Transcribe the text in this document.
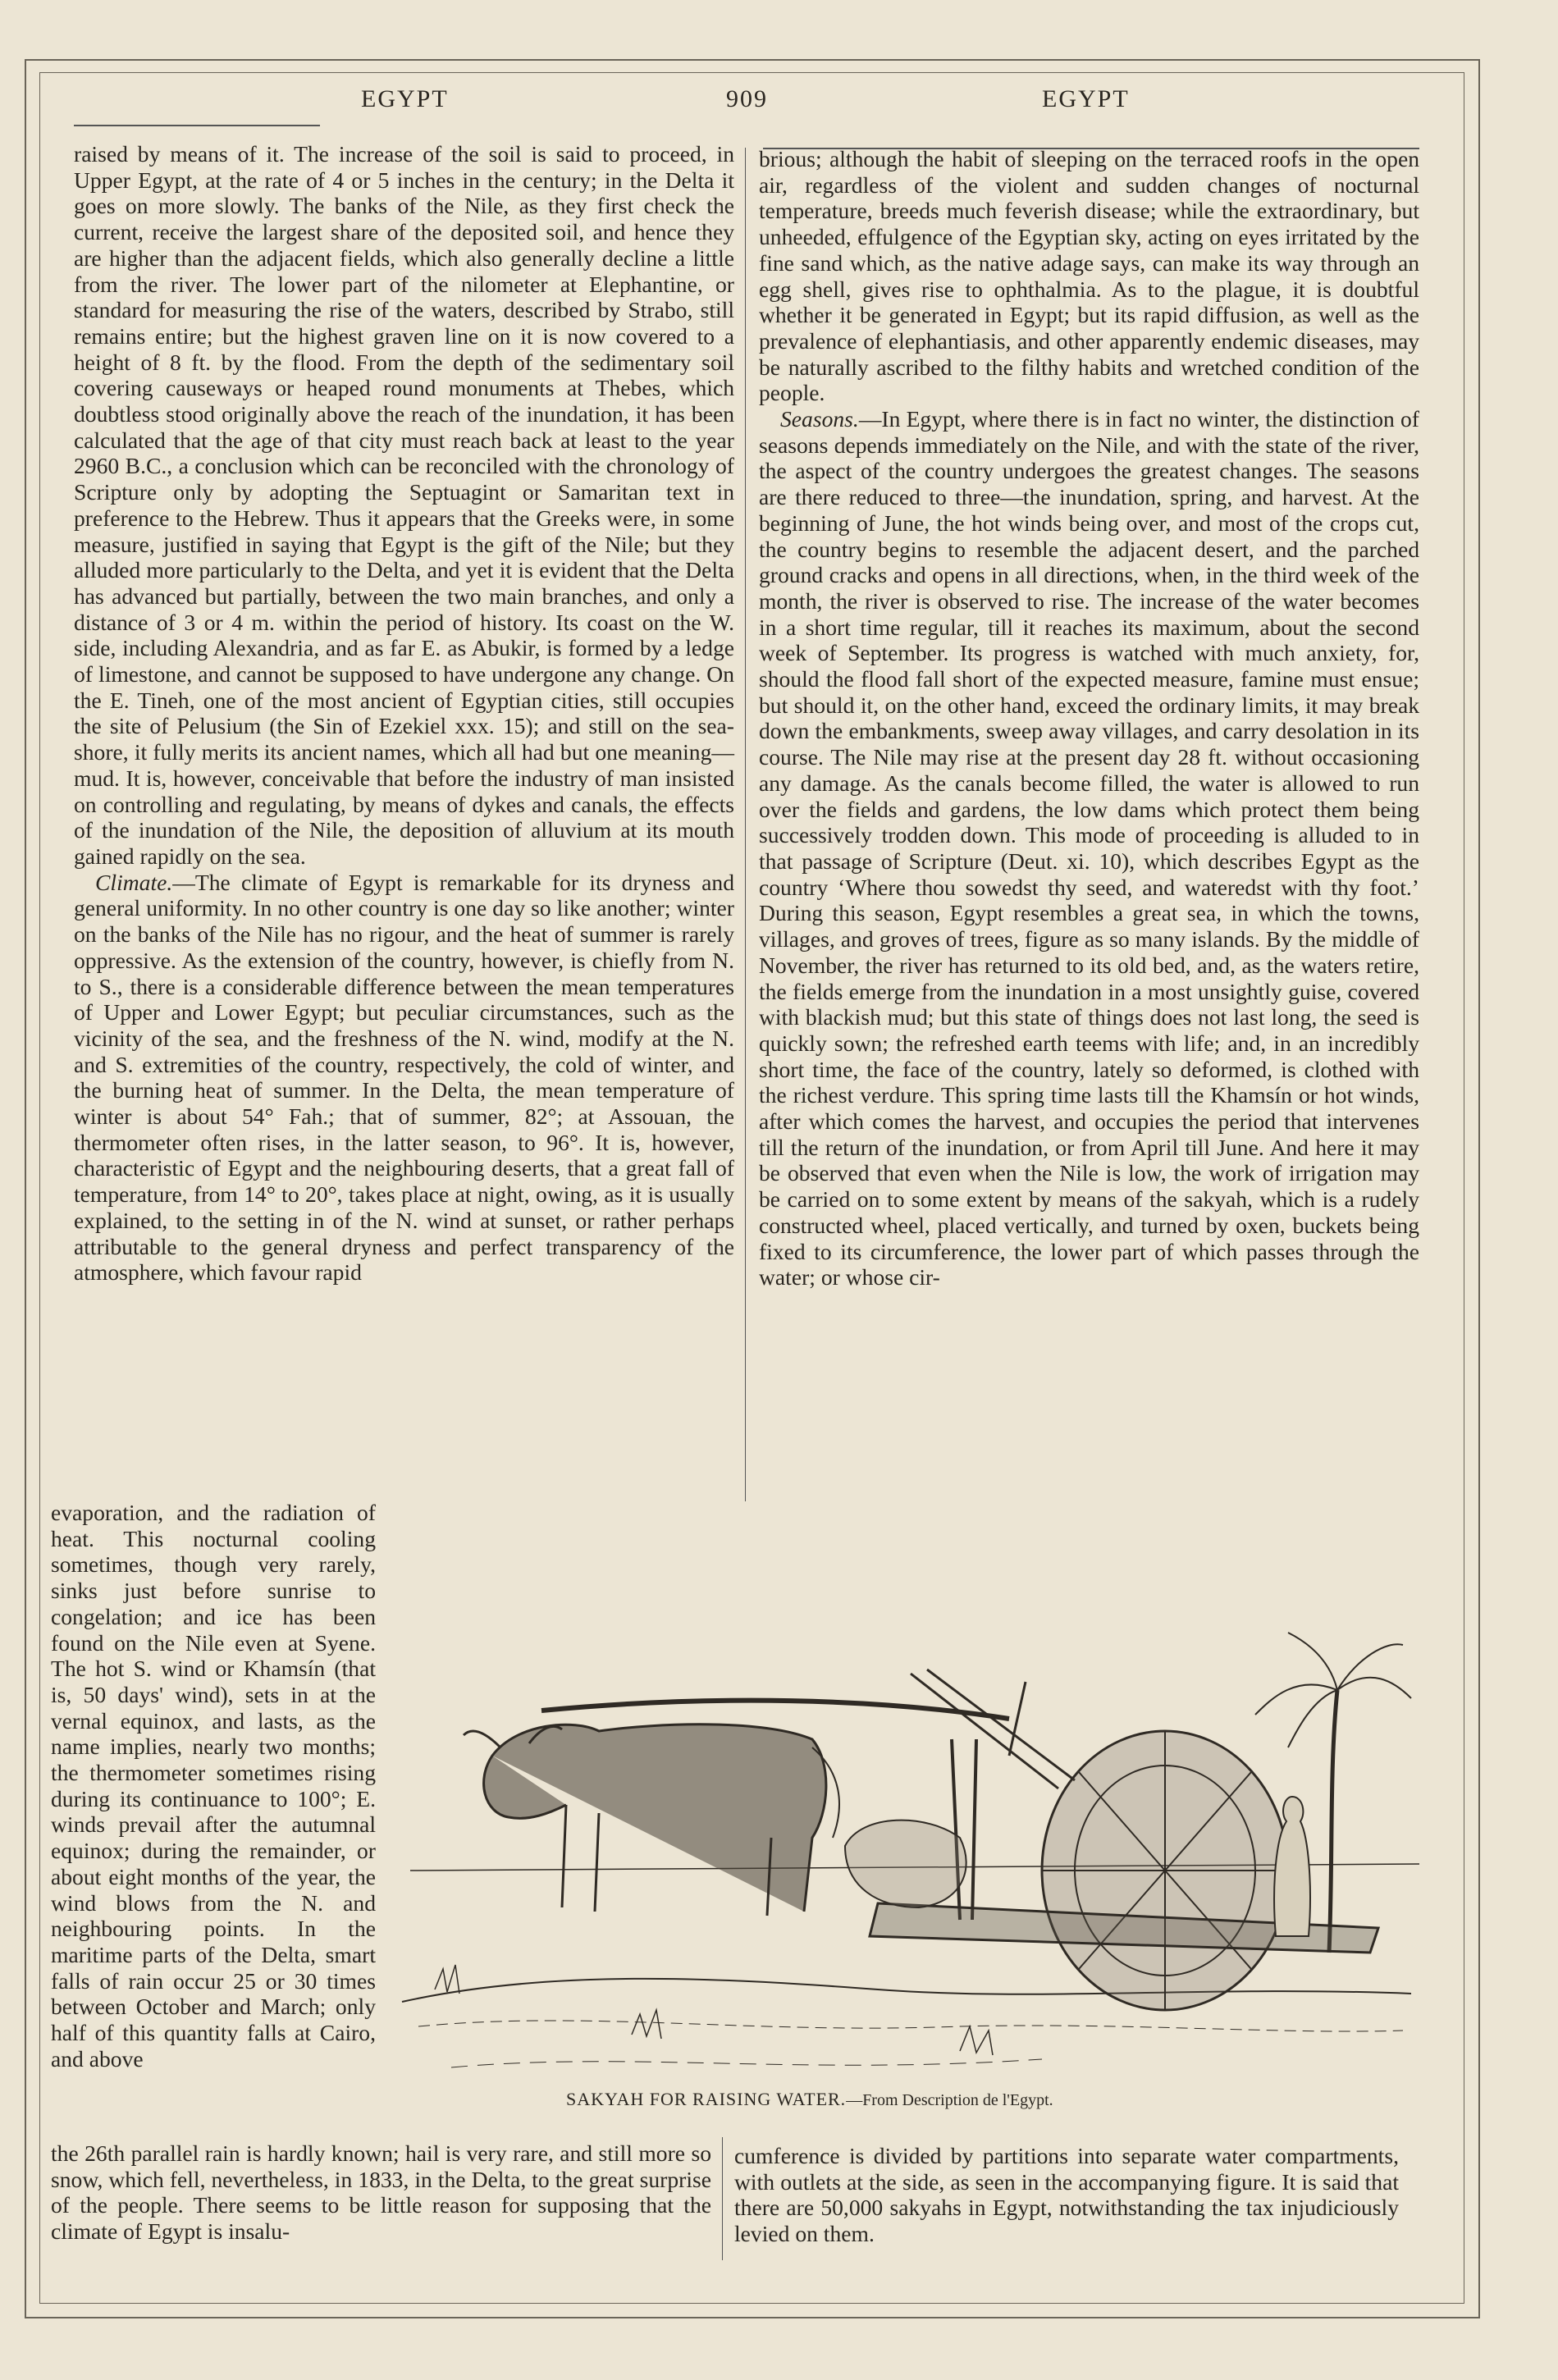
EGYPT	909	EGYPT

raised by means of it. The increase of the soil is said to proceed, in Upper Egypt, at the rate of 4 or 5 inches in the century; in the Delta it goes on more slowly. The banks of the Nile, as they first check the current, receive the largest share of the deposited soil, and hence they are higher than the adjacent fields, which also generally decline a little from the river. The lower part of the nilometer at Elephantine, or standard for measuring the rise of the waters, described by Strabo, still remains entire; but the highest graven line on it is now covered to a height of 8 ft. by the flood. From the depth of the sedimentary soil covering causeways or heaped round monuments at Thebes, which doubtless stood originally above the reach of the inundation, it has been calculated that the age of that city must reach back at least to the year 2960 B.C., a conclusion which can be reconciled with the chronology of Scripture only by adopting the Septuagint or Samaritan text in preference to the Hebrew. Thus it appears that the Greeks were, in some measure, justified in saying that Egypt is the gift of the Nile; but they alluded more particularly to the Delta, and yet it is evident that the Delta has advanced but partially, between the two main branches, and only a distance of 3 or 4 m. within the period of history. Its coast on the W. side, including Alexandria, and as far E. as Abukir, is formed by a ledge of limestone, and cannot be supposed to have undergone any change. On the E. Tineh, one of the most ancient of Egyptian cities, still occupies the site of Pelusium (the Sin of Ezekiel xxx. 15); and still on the sea-shore, it fully merits its ancient names, which all had but one meaning—mud. It is, however, conceivable that before the industry of man insisted on controlling and regulating, by means of dykes and canals, the effects of the inundation of the Nile, the deposition of alluvium at its mouth gained rapidly on the sea.

Climate.—The climate of Egypt is remarkable for its dryness and general uniformity. In no other country is one day so like another; winter on the banks of the Nile has no rigour, and the heat of summer is rarely oppressive. As the extension of the country, however, is chiefly from N. to S., there is a considerable difference between the mean temperatures of Upper and Lower Egypt; but peculiar circumstances, such as the vicinity of the sea, and the freshness of the N. wind, modify at the N. and S. extremities of the country, respectively, the cold of winter, and the burning heat of summer. In the Delta, the mean temperature of winter is about 54° Fah.; that of summer, 82°; at Assouan, the thermometer often rises, in the latter season, to 96°. It is, however, characteristic of Egypt and the neighbouring deserts, that a great fall of temperature, from 14° to 20°, takes place at night, owing, as it is usually explained, to the setting in of the N. wind at sunset, or rather perhaps attributable to the general dryness and perfect transparency of the atmosphere, which favour rapid

evaporation, and the radiation of heat. This nocturnal cooling sometimes, though very rarely, sinks just before sunrise to congelation; and ice has been found on the Nile even at Syene. The hot S. wind or Khamsín (that is, 50 days' wind), sets in at the vernal equinox, and lasts, as the name implies, nearly two months; the thermometer sometimes rising during its continuance to 100°; E. winds prevail after the autumnal equinox; during the remainder, or about eight months of the year, the wind blows from the N. and neighbouring points. In the maritime parts of the Delta, smart falls of rain occur 25 or 30 times between October and March; only half of this quantity falls at Cairo, and above
the 26th parallel rain is hardly known; hail is very rare, and still more so snow, which fell, nevertheless, in 1833, in the Delta, to the great surprise of the people. There seems to be little reason for supposing that the climate of Egypt is insalu-

brious; although the habit of sleeping on the terraced roofs in the open air, regardless of the violent and sudden changes of nocturnal temperature, breeds much feverish disease; while the extraordinary, but unheeded, effulgence of the Egyptian sky, acting on eyes irritated by the fine sand which, as the native adage says, can make its way through an egg shell, gives rise to ophthalmia. As to the plague, it is doubtful whether it be generated in Egypt; but its rapid diffusion, as well as the prevalence of elephantiasis, and other apparently endemic diseases, may be naturally ascribed to the filthy habits and wretched condition of the people.

Seasons.—In Egypt, where there is in fact no winter, the distinction of seasons depends immediately on the Nile, and with the state of the river, the aspect of the country undergoes the greatest changes. The seasons are there reduced to three—the inundation, spring, and harvest. At the beginning of June, the hot winds being over, and most of the crops cut, the country begins to resemble the adjacent desert, and the parched ground cracks and opens in all directions, when, in the third week of the month, the river is observed to rise. The increase of the water becomes in a short time regular, till it reaches its maximum, about the second week of September. Its progress is watched with much anxiety, for, should the flood fall short of the expected measure, famine must ensue; but should it, on the other hand, exceed the ordinary limits, it may break down the embankments, sweep away villages, and carry desolation in its course. The Nile may rise at the present day 28 ft. without occasioning any damage. As the canals become filled, the water is allowed to run over the fields and gardens, the low dams which protect them being successively trodden down. This mode of proceeding is alluded to in that passage of Scripture (Deut. xi. 10), which describes Egypt as the country ‘Where thou sowedst thy seed, and wateredst with thy foot.’ During this season, Egypt resembles a great sea, in which the towns, villages, and groves of trees, figure as so many islands. By the middle of November, the river has returned to its old bed, and, as the waters retire, the fields emerge from the inundation in a most unsightly guise, covered with blackish mud; but this state of things does not last long, the seed is quickly sown; the refreshed earth teems with life; and, in an incredibly short time, the face of the country, lately so deformed, is clothed with the richest verdure. This spring time lasts till the Khamsín or hot winds, after which comes the harvest, and occupies the period that intervenes till the return of the inundation, or from April till June. And here it may be observed that even when the Nile is low, the work of irrigation may be carried on to some extent by means of the sakyah, which is a rudely constructed wheel, placed vertically, and turned by oxen, buckets being fixed to its circumference, the lower part of which passes through the water; or whose cir-

cumference is divided by partitions into separate water compartments, with outlets at the side, as seen in the accompanying figure. It is said that there are 50,000 sakyahs in Egypt, notwithstanding the tax injudiciously levied on them.
SAKYAH FOR RAISING WATER.—From Description de l'Egypt.
